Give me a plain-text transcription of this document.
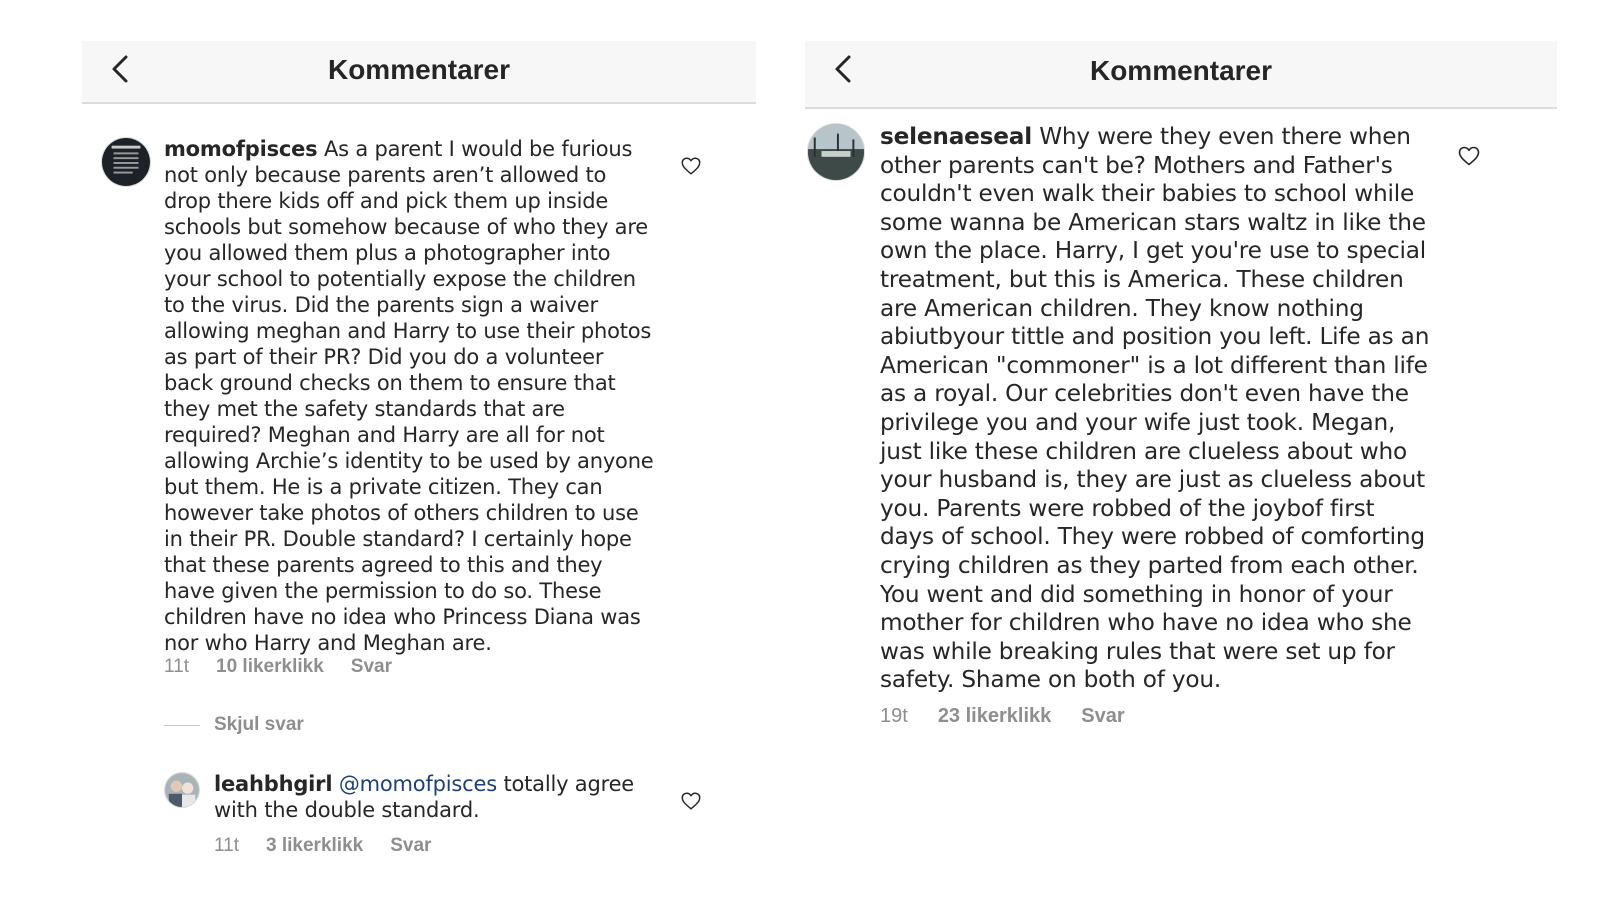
Kommentarer
momofpisces As a parent I would be furious not only because parents aren’t allowed to drop there kids off and pick them up inside schools but somehow because of who they are you allowed them plus a photographer into your school to potentially expose the children to the virus. Did the parents sign a waiver allowing meghan and Harry to use their photos as part of their PR? Did you do a volunteer back ground checks on them to ensure that they met the safety standards that are required? Meghan and Harry are all for not allowing Archie’s identity to be used by anyone but them. He is a private citizen. They can however take photos of others children to use in their PR. Double standard? I certainly hope that these parents agreed to this and they have given the permission to do so. These children have no idea who Princess Diana was nor who Harry and Meghan are.
11t 10 likerklikk Svar
Skjul svar
leahbhgirl @momofpisces totally agree with the double standard.
11t 3 likerklikk Svar
Kommentarer
selenaeseal Why were they even there when other parents can't be? Mothers and Father's couldn't even walk their babies to school while some wanna be American stars waltz in like the own the place. Harry, I get you're use to special treatment, but this is America. These children are American children. They know nothing abiutbyour tittle and position you left. Life as an American "commoner" is a lot different than life as a royal. Our celebrities don't even have the privilege you and your wife just took. Megan, just like these children are clueless about who your husband is, they are just as clueless about you. Parents were robbed of the joybof first days of school. They were robbed of comforting crying children as they parted from each other. You went and did something in honor of your mother for children who have no idea who she was while breaking rules that were set up for safety. Shame on both of you.
19t 23 likerklikk Svar
